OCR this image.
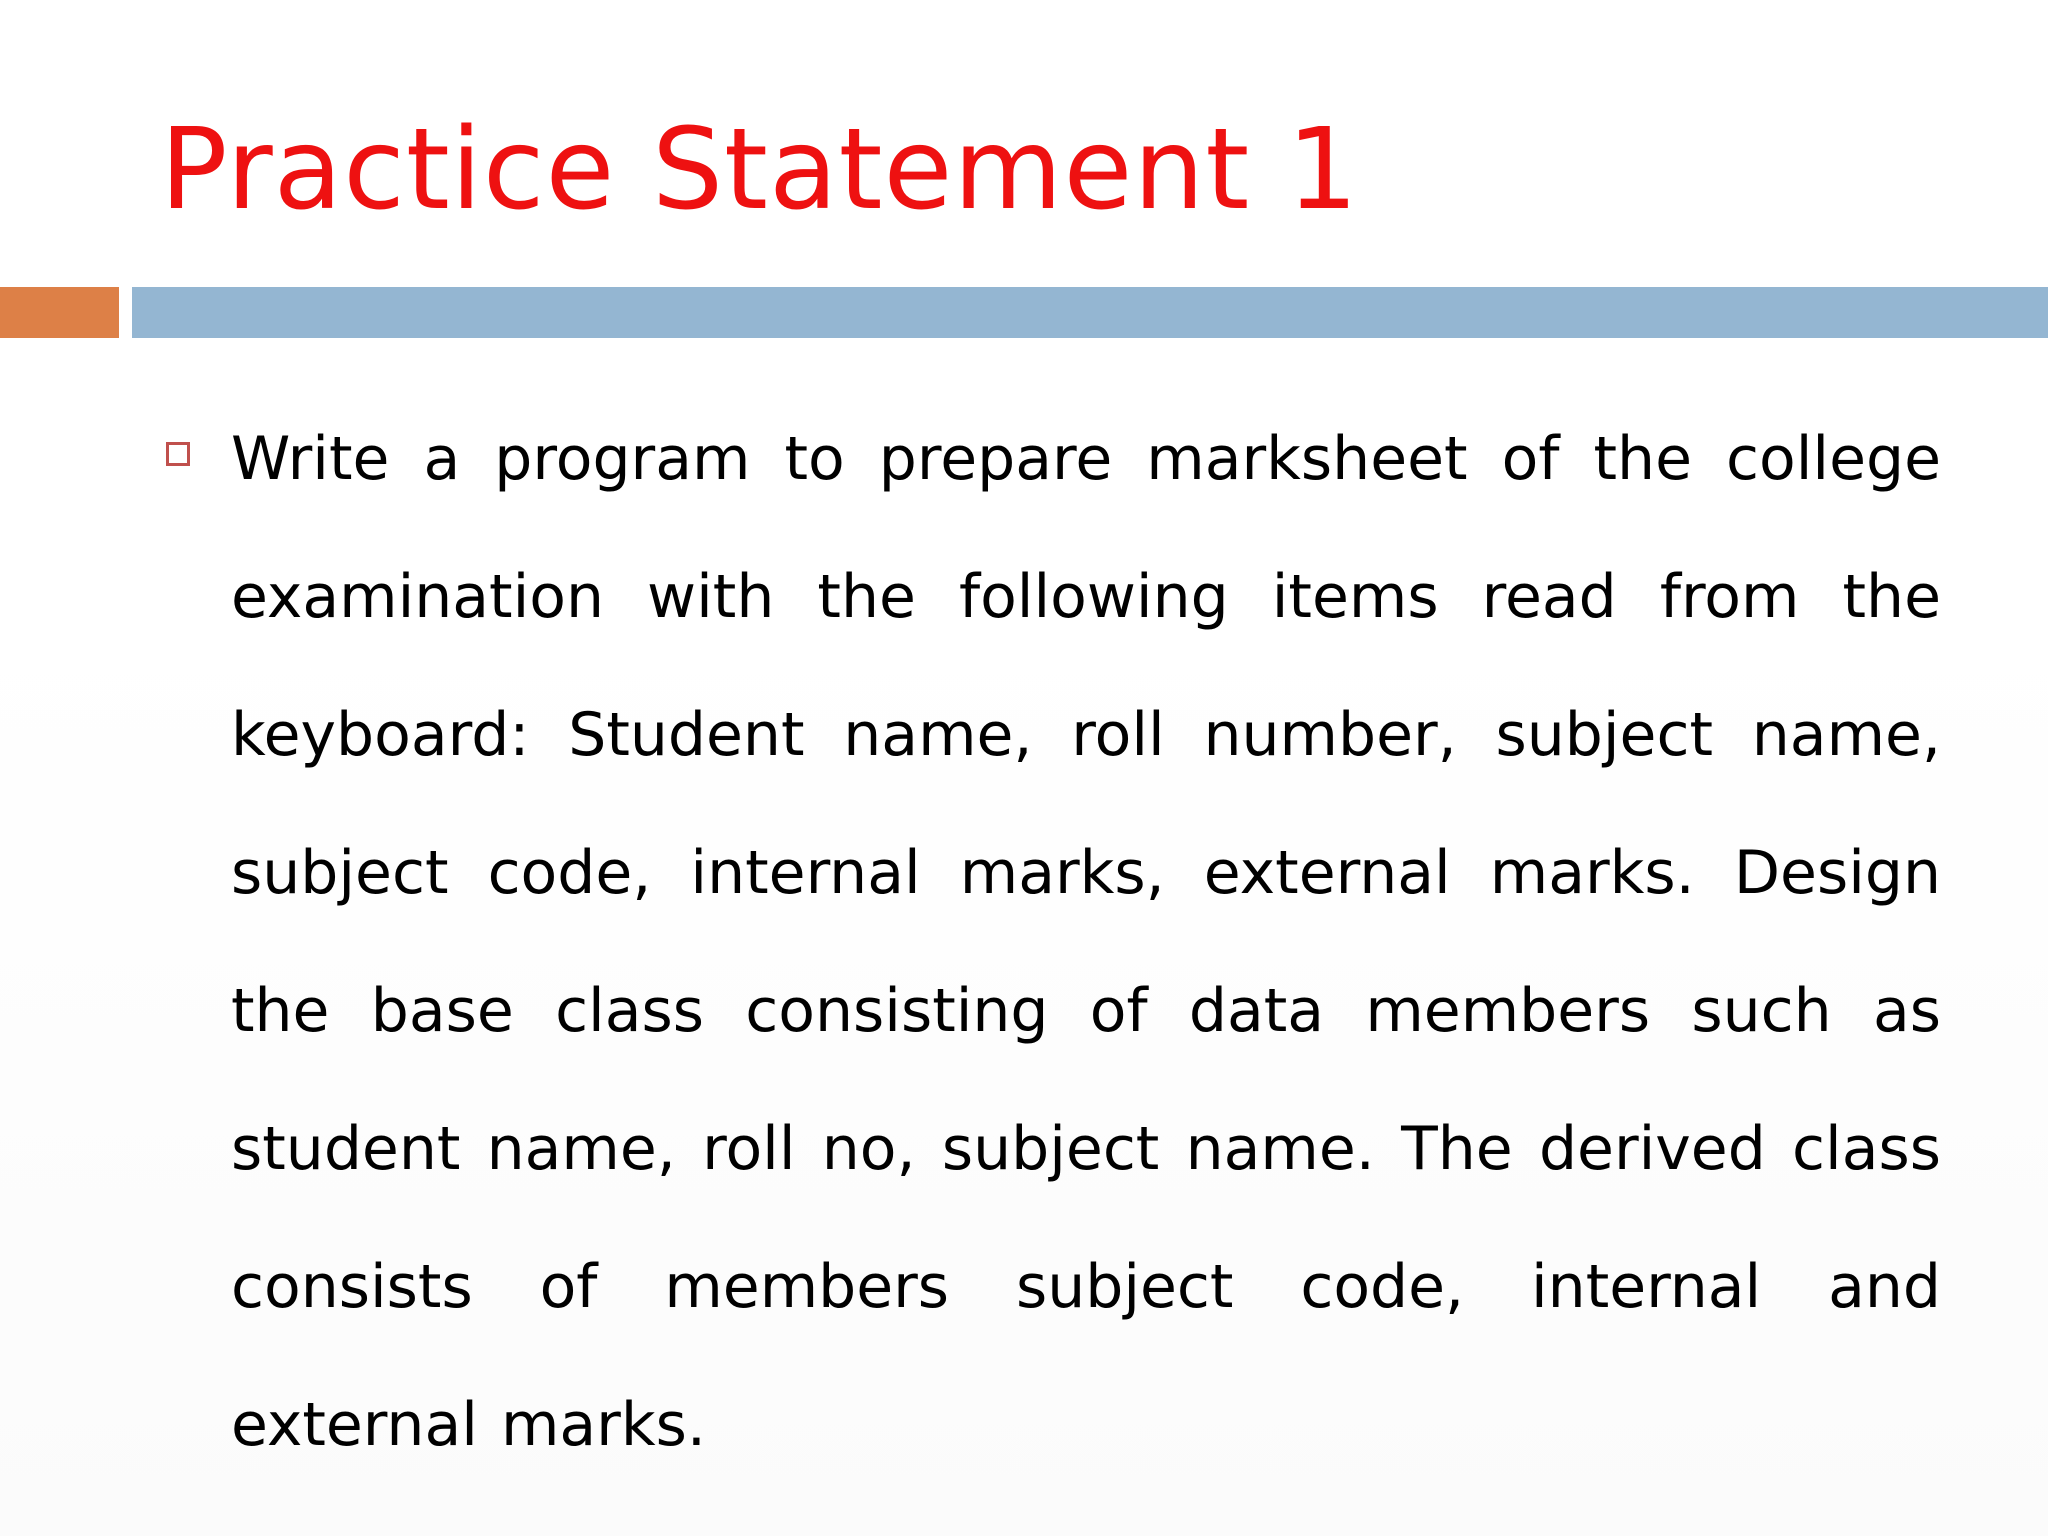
Practice Statement 1
Write a program to prepare marksheet of the college examination with the following items read from the keyboard: Student name, roll number, subject name, subject code, internal marks, external marks. Design the base class consisting of data members such as student name, roll no, subject name. The derived class consists of members subject code, internal and external marks.
